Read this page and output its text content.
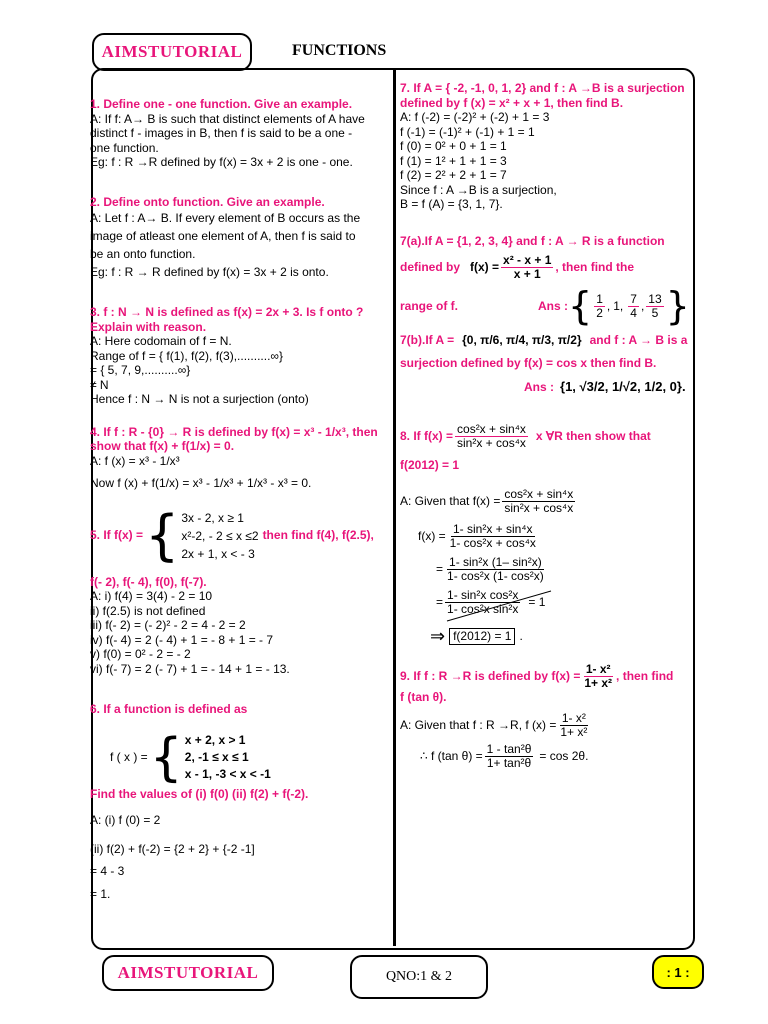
AIMSTUTORIAL	FUNCTIONS
1. Define one - one function. Give an example.
A: If f: A→ B is such that distinct elements of A have
distinct f - images in B, then f is said to be a one -
one function.
Eg: f : R →R defined by f(x) = 3x + 2 is one - one.
2. Define onto function. Give an example.
A: Let f : A→ B. If every element of B occurs as the
image of atleast one element of A, then f is said to
be an onto function.
Eg: f : R → R defined by f(x) = 3x + 2 is onto.
3. f : N → N is defined as f(x) = 2x + 3. Is f onto ?
Explain with reason.
A: Here codomain of f = N.
Range of f = { f(1), f(2), f(3),..........∞}
= { 5, 7, 9,..........∞}
≠ N
Hence f : N → N is not a surjection (onto)
4. If f : R - {0} → R is defined by f(x) = x³ - 1/x³, then
show that f(x) + f(1/x) = 0.
A: f (x) = x³ - 1/x³
Now f (x) + f(1/x) = x³ - 1/x³ + 1/x³ - x³ = 0.
5. If f(x) = { 3x - 2, x ≥ 1
x²-2, - 2 ≤ x ≤2
2x + 1, x < - 3
then find f(4), f(2.5),
f(- 2), f(- 4), f(0), f(-7).
A: i) f(4) = 3(4) - 2 = 10
ii) f(2.5) is not defined
iii) f(- 2) = (- 2)² - 2 = 4 - 2 = 2
iv) f(- 4) = 2 (- 4) + 1 = - 8 + 1 = - 7
v) f(0) = 0² - 2 = - 2
vi) f(- 7) = 2 (- 7) + 1 = - 14 + 1 = - 13.
6. If a function is defined as
f ( x ) = { x + 2, x > 1
2, -1 ≤ x ≤ 1
x - 1, -3 < x < -1
Find the values of (i) f(0) (ii) f(2) + f(-2).
A: (i) f (0) = 2
(ii) f(2) + f(-2) = {2 + 2} + {-2 -1]
= 4 - 3
= 1.
7. If A = { -2, -1, 0, 1, 2} and f : A →B is a surjection
defined by f (x) = x² + x + 1, then find B.
A: f (-2) = (-2)² + (-2) + 1 = 3
f (-1) = (-1)² + (-1) + 1 = 1
f (0) = 0² + 0 + 1 = 1
f (1) = 1² + 1 + 1 = 3
f (2) = 2² + 2 + 1 = 7
Since f : A →B is a surjection,
B = f (A) = {3, 1, 7}.
7(a).If A = {1, 2, 3, 4} and f : A → R is a function
defined by $f(x) = \frac{\text{x² - x + 1}}{x + 1}$ , then find the
range of f.	Ans : { $\frac{1}{2}$ , 1, $\frac{7}{4}$ , $\frac{13}{5}$ }
7(b).If A = {0, π/6, π/4, π/3, π/2} and f : A → B is a
surjection defined by f(x) = cos x then find B.
Ans : {1, √3/2, 1/√2, 1/2, 0}.
8. If $f(x) = \frac{\text{cos²x + sin⁴x}}{\text{sin²x + cos⁴x}}$ x ∀R then show that
f(2012) = 1
A: Given that $f(x) = \frac{\text{cos²x + sin⁴x}}{\text{sin²x + cos⁴x}}$
$f(x) = \frac{\text{1- sin²x + sin⁴x}}{\text{1- cos²x + cos⁴x}}$
= $\frac{\text{1- sin²x (1– sin²x)}}{\text{1- cos²x (1- cos²x)}}$
= $\frac{\text{1- sin²x cos²x}}{\text{1- cos²x sin²x}} = 1$
⇒ f(2012) = 1 .
9. If f : R →R is defined by $f(x) = \frac{\text{1- x²}}{\text{1+ x²}}$ , then find
f (tan θ).
A: Given that f : R →R, f $(x) = \frac{\text{1- x²}}{\text{1+ x²}}$
∴ f (tan $\theta) = \frac{\text{1 - tan²θ}}{\text{1+ tan²θ}} = \cos 2\theta$.
AIMSTUTORIAL	QNO:1 & 2	: 1 :
